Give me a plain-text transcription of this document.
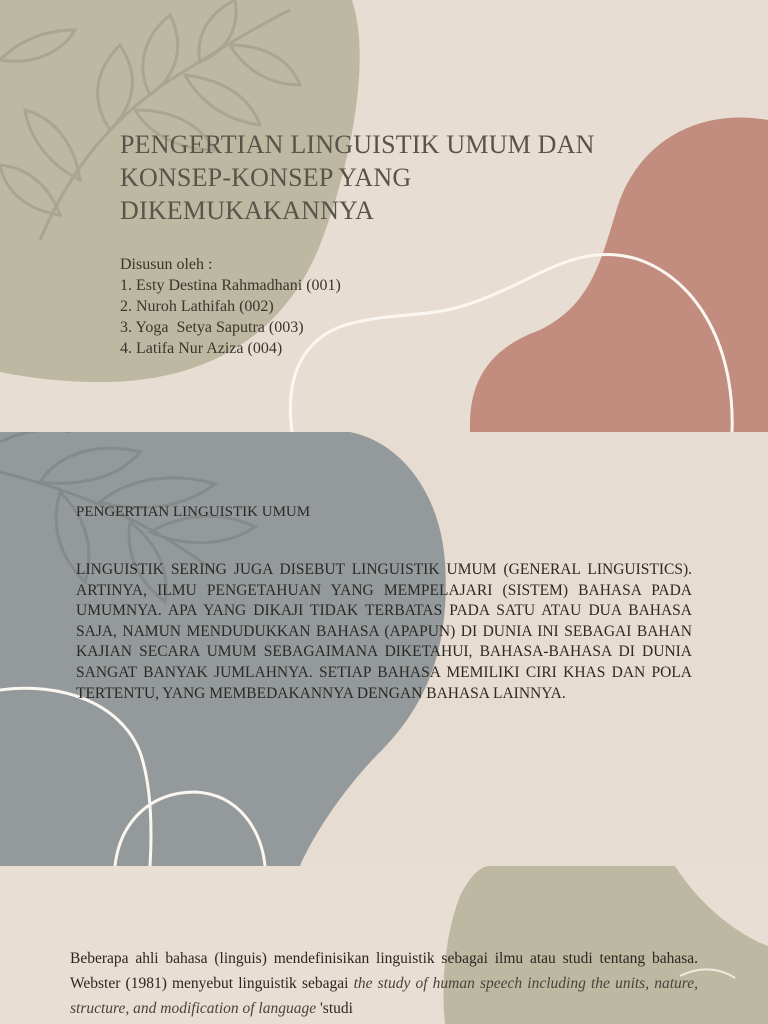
PENGERTIAN LINGUISTIK UMUM DAN
KONSEP-KONSEP YANG
DIKEMUKAKANNYA
Disusun oleh :
1. Esty Destina Rahmadhani (001)
2. Nuroh Lathifah (002)
3. Yoga  Setya Saputra (003)
4. Latifa Nur Aziza (004)
PENGERTIAN LINGUISTIK UMUM
LINGUISTIK SERING JUGA DISEBUT LINGUISTIK UMUM (GENERAL LINGUISTICS). ARTINYA, ILMU PENGETAHUAN YANG MEMPELAJARI (SISTEM) BAHASA PADA UMUMNYA. APA YANG DIKAJI TIDAK TERBATAS PADA SATU ATAU DUA BAHASA SAJA, NAMUN MENDUDUKKAN BAHASA (APAPUN) DI DUNIA INI SEBAGAI BAHAN KAJIAN SECARA UMUM SEBAGAIMANA DIKETAHUI, BAHASA-BAHASA DI DUNIA SANGAT BANYAK JUMLAHNYA. SETIAP BAHASA MEMILIKI CIRI KHAS DAN POLA TERTENTU, YANG MEMBEDAKANNYA DENGAN BAHASA LAINNYA.
Beberapa ahli bahasa (linguis) mendefinisikan linguistik sebagai ilmu atau studi tentang bahasa. Webster (1981) menyebut linguistik sebagai the study of human speech including the units, nature, structure, and modification of language 'studi
